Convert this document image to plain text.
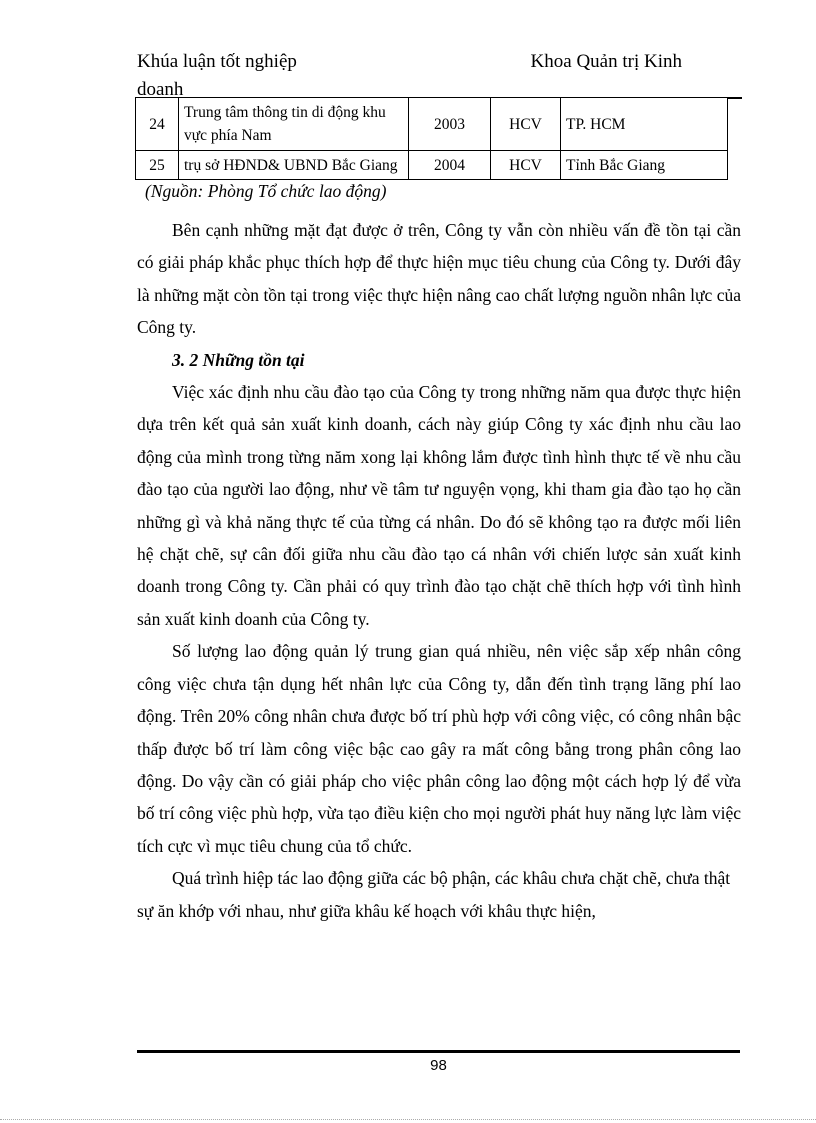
Khúa luận tốt nghiệp	Khoa Quản trị Kinh
doanh
24	Trung tâm thông tin di động khu vực phía Nam	2003	HCV	TP. HCM
25	trụ sở HĐND& UBND Bắc Giang	2004	HCV	Tỉnh Bắc Giang
(Nguồn: Phòng Tổ chức lao động)

Bên cạnh những mặt đạt được ở trên, Công ty vẫn còn nhiều vấn đề tồn tại cần có giải pháp khắc phục thích hợp để thực hiện mục tiêu chung của Công ty. Dưới đây là những mặt còn tồn tại trong việc thực hiện nâng cao chất lượng nguồn nhân lực của Công ty.

3. 2 Những tồn tại

Việc xác định nhu cầu đào tạo của Công ty trong những năm qua được thực hiện dựa trên kết quả sản xuất kinh doanh, cách này giúp Công ty xác định nhu cầu lao động của mình trong từng năm xong lại không lắm được tình hình thực tế về nhu cầu đào tạo của người lao động, như về tâm tư nguyện vọng, khi tham gia đào tạo họ cần những gì và khả năng thực tế của từng cá nhân. Do đó sẽ không tạo ra được mối liên hệ chặt chẽ, sự cân đối giữa nhu cầu đào tạo cá nhân với chiến lược sản xuất kinh doanh trong Công ty. Cần phải có quy trình đào tạo chặt chẽ thích hợp với tình hình sản xuất kinh doanh của Công ty.

Số lượng lao động quản lý trung gian quá nhiều, nên việc sắp xếp nhân công công việc chưa tận dụng hết nhân lực của Công ty, dẫn đến tình trạng lãng phí lao động. Trên 20% công nhân chưa được bố trí phù hợp với công việc, có công nhân bậc thấp được bố trí làm công việc bậc cao gây ra mất công bằng trong phân công lao động. Do vậy cần có giải pháp cho việc phân công lao động một cách hợp lý để vừa bố trí công việc phù hợp, vừa tạo điều kiện cho mọi người phát huy năng lực làm việc tích cực vì mục tiêu chung của tổ chức.

Quá trình hiệp tác lao động giữa các bộ phận, các khâu chưa chặt chẽ, chưa thật sự ăn khớp với nhau, như giữa khâu kế hoạch với khâu thực hiện,

98
